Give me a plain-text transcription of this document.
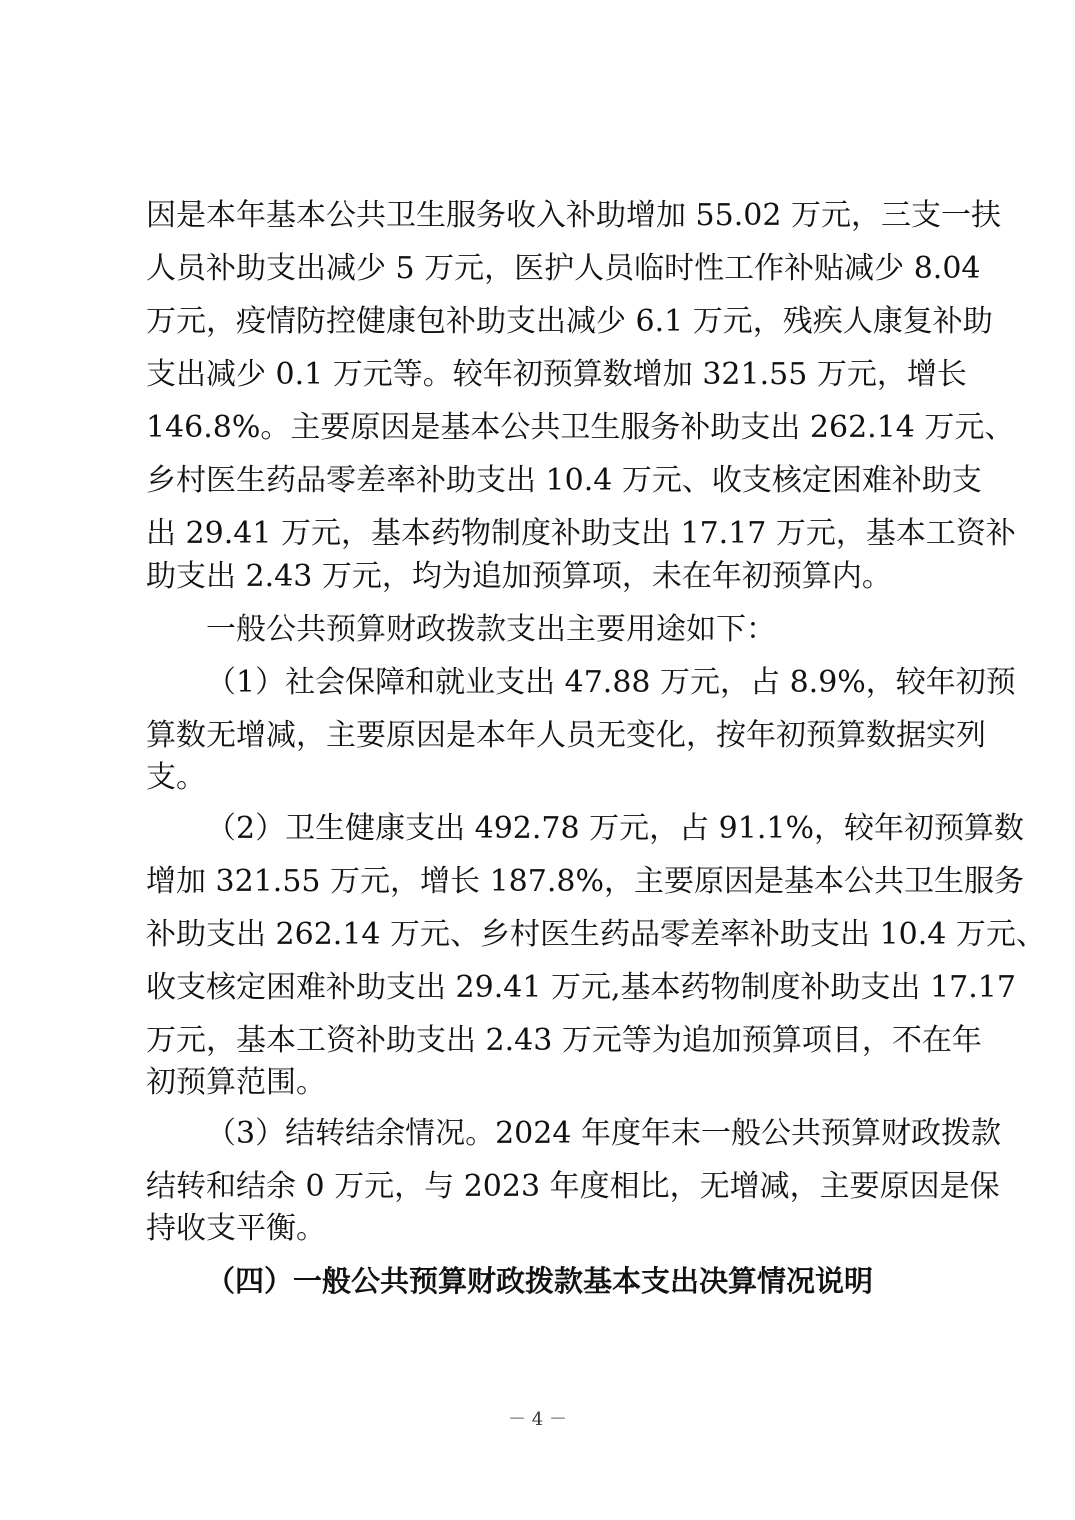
因是本年基本公共卫生服务收入补助增加 55.02 万元，三支一扶
人员补助支出减少 5 万元，医护人员临时性工作补贴减少 8.04
万元，疫情防控健康包补助支出减少 6.1 万元，残疾人康复补助
支出减少 0.1 万元等。较年初预算数增加 321.55 万元，增长
146.8%。主要原因是基本公共卫生服务补助支出 262.14 万元、
乡村医生药品零差率补助支出 10.4 万元、收支核定困难补助支
出 29.41 万元，基本药物制度补助支出 17.17 万元，基本工资补
助支出 2.43 万元，均为追加预算项，未在年初预算内。
一般公共预算财政拨款支出主要用途如下：
（1）社会保障和就业支出 47.88 万元，占 8.9%，较年初预
算数无增减，主要原因是本年人员无变化，按年初预算数据实列
支。
（2）卫生健康支出 492.78 万元，占 91.1%，较年初预算数
增加 321.55 万元，增长 187.8%，主要原因是基本公共卫生服务
补助支出 262.14 万元、乡村医生药品零差率补助支出 10.4 万元、
收支核定困难补助支出 29.41 万元,基本药物制度补助支出 17.17
万元，基本工资补助支出 2.43 万元等为追加预算项目，不在年
初预算范围。
（3）结转结余情况。2024 年度年末一般公共预算财政拨款
结转和结余 0 万元，与 2023 年度相比，无增减，主要原因是保
持收支平衡。
（四）一般公共预算财政拨款基本支出决算情况说明
－ 4 －
